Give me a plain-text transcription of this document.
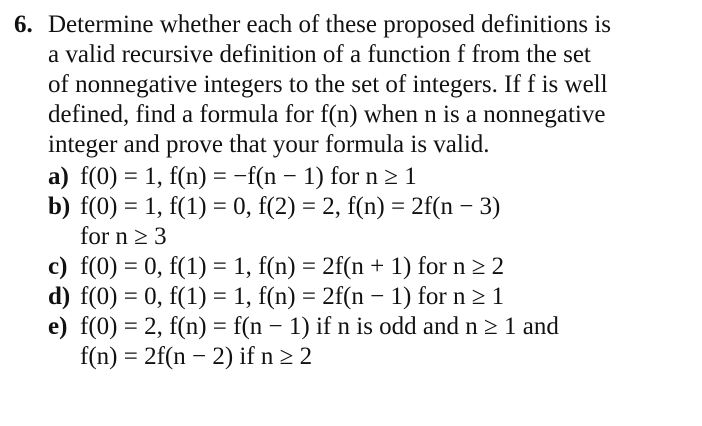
6. Determine whether each of these proposed definitions is

a valid recursive definition of a function f from the set

of nonnegative integers to the set of integers. If f is well

defined, find a formula for f(n) when n is a nonnegative

integer and prove that your formula is valid.

a) f(0) = 1, f(n) = −f(n − 1) for n ≥ 1
b) f(0) = 1, f(1) = 0, f(2) = 2, f(n) = 2f(n − 3)
for n ≥ 3
c) f(0) = 0, f(1) = 1, f(n) = 2f(n + 1) for n ≥ 2
d) f(0) = 0, f(1) = 1, f(n) = 2f(n − 1) for n ≥ 1
e) f(0) = 2, f(n) = f(n − 1) if n is odd and n ≥ 1 and
f(n) = 2f(n − 2) if n ≥ 2
